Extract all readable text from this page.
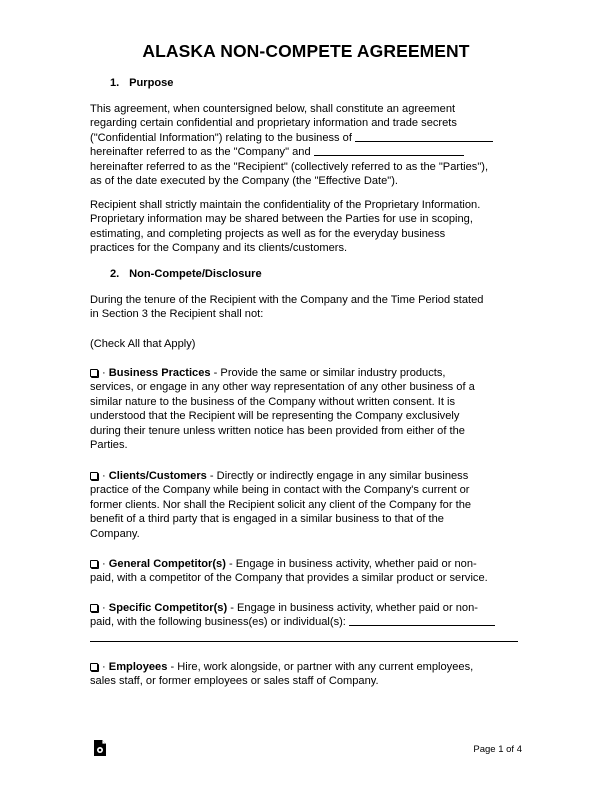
ALASKA NON-COMPETE AGREEMENT
1. Purpose
This agreement, when countersigned below, shall constitute an agreement
regarding certain confidential and proprietary information and trade secrets
("Confidential Information") relating to the business of
hereinafter referred to as the "Company" and
hereinafter referred to as the "Recipient" (collectively referred to as the "Parties"),
as of the date executed by the Company (the "Effective Date").
Recipient shall strictly maintain the confidentiality of the Proprietary Information.
Proprietary information may be shared between the Parties for use in scoping,
estimating, and completing projects as well as for the everyday business
practices for the Company and its clients/customers.
2. Non-Compete/Disclosure
During the tenure of the Recipient with the Company and the Time Period stated
in Section 3 the Recipient shall not:
(Check All that Apply)
· Business Practices - Provide the same or similar industry products,
services, or engage in any other way representation of any other business of a
similar nature to the business of the Company without written consent. It is
understood that the Recipient will be representing the Company exclusively
during their tenure unless written notice has been provided from either of the
Parties.
· Clients/Customers - Directly or indirectly engage in any similar business
practice of the Company while being in contact with the Company's current or
former clients. Nor shall the Recipient solicit any client of the Company for the
benefit of a third party that is engaged in a similar business to that of the
Company.
· General Competitor(s) - Engage in business activity, whether paid or non-
paid, with a competitor of the Company that provides a similar product or service.
· Specific Competitor(s) - Engage in business activity, whether paid or non-
paid, with the following business(es) or individual(s):
· Employees - Hire, work alongside, or partner with any current employees,
sales staff, or former employees or sales staff of Company.
Page 1 of 4
